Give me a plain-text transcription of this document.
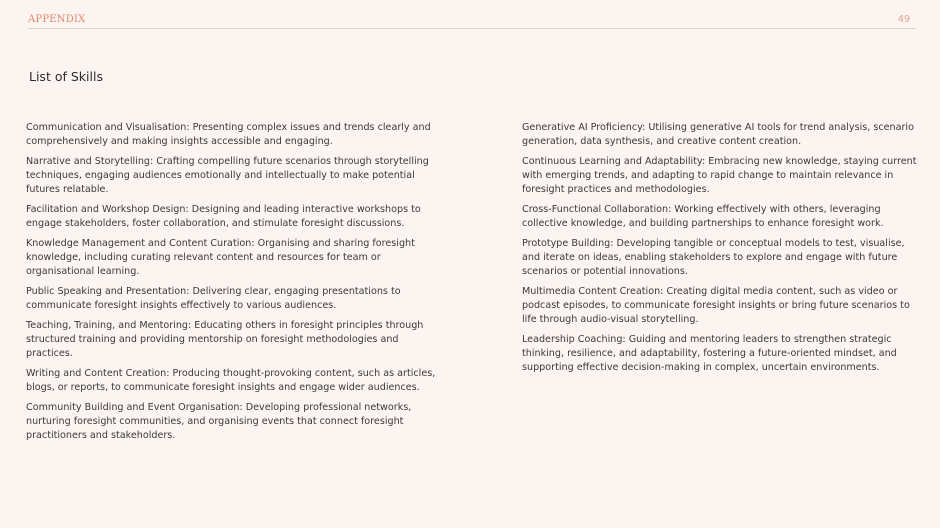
APPENDIX	49
List of Skills

Communication and Visualisation: Presenting complex issues and trends clearly and comprehensively and making insights accessible and engaging.

Narrative and Storytelling: Crafting compelling future scenarios through storytelling techniques, engaging audiences emotionally and intellectually to make potential futures relatable.

Facilitation and Workshop Design: Designing and leading interactive workshops to engage stakeholders, foster collaboration, and stimulate foresight discussions.

Knowledge Management and Content Curation: Organising and sharing foresight knowledge, including curating relevant content and resources for team or organisational learning.

Public Speaking and Presentation: Delivering clear, engaging presentations to communicate foresight insights effectively to various audiences.

Teaching, Training, and Mentoring: Educating others in foresight principles through structured training and providing mentorship on foresight methodologies and practices.

Writing and Content Creation: Producing thought-provoking content, such as articles, blogs, or reports, to communicate foresight insights and engage wider audiences.

Community Building and Event Organisation: Developing professional networks, nurturing foresight communities, and organising events that connect foresight practitioners and stakeholders.

Generative AI Proficiency: Utilising generative AI tools for trend analysis, scenario generation, data synthesis, and creative content creation.

Continuous Learning and Adaptability: Embracing new knowledge, staying current with emerging trends, and adapting to rapid change to maintain relevance in foresight practices and methodologies.

Cross-Functional Collaboration: Working effectively with others, leveraging collective knowledge, and building partnerships to enhance foresight work.

Prototype Building: Developing tangible or conceptual models to test, visualise, and iterate on ideas, enabling stakeholders to explore and engage with future scenarios or potential innovations.

Multimedia Content Creation: Creating digital media content, such as video or podcast episodes, to communicate foresight insights or bring future scenarios to life through audio-visual storytelling.

Leadership Coaching: Guiding and mentoring leaders to strengthen strategic thinking, resilience, and adaptability, fostering a future-oriented mindset, and supporting effective decision-making in complex, uncertain environments.
